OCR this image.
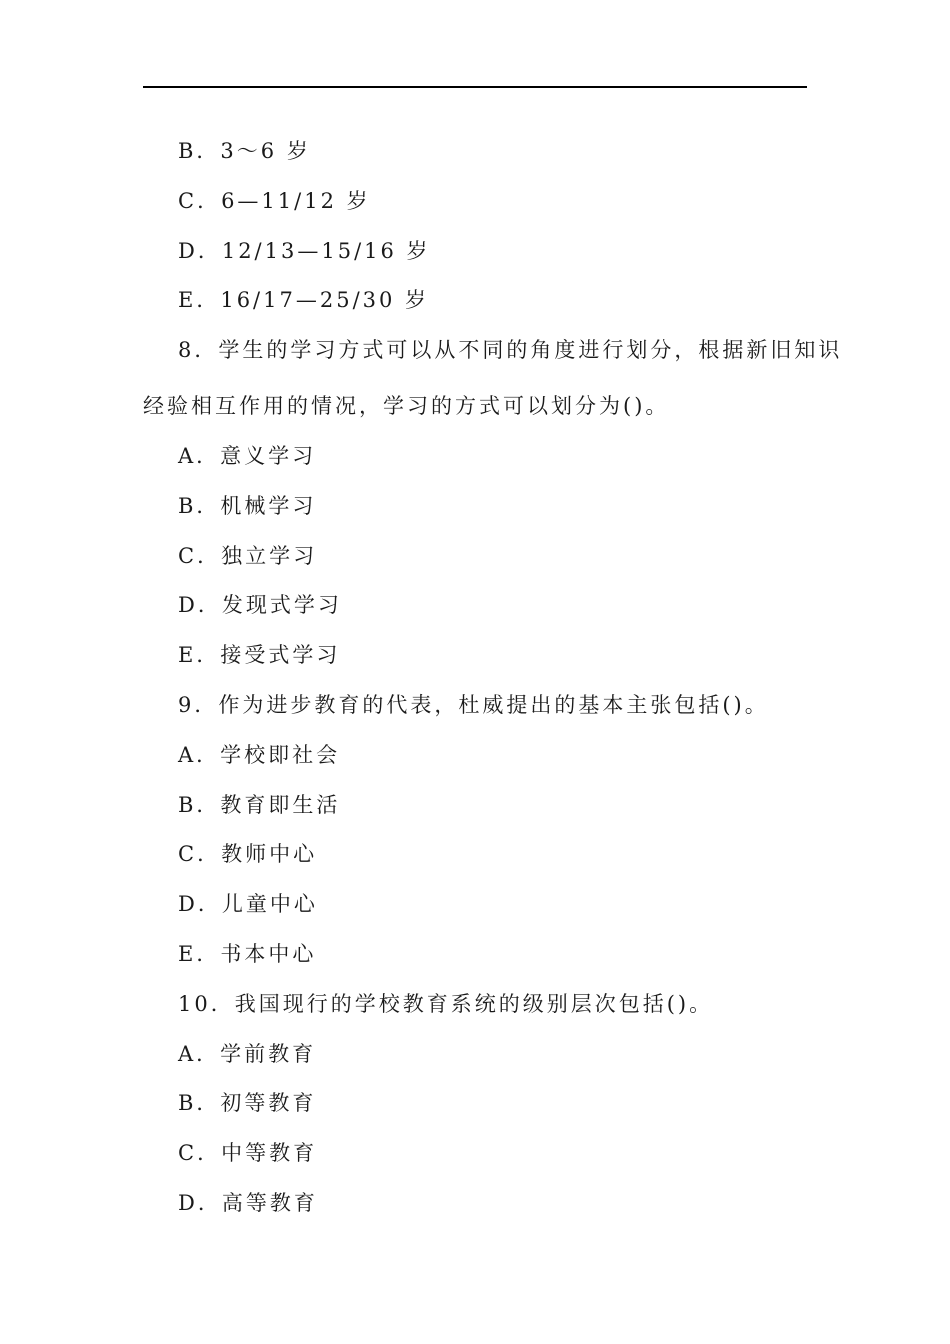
B．3～6 岁
C．6—11/12 岁
D．12/13—15/16 岁
E．16/17—25/30 岁
8．学生的学习方式可以从不同的角度进行划分，根据新旧知识
经验相互作用的情况，学习的方式可以划分为()。
A．意义学习
B．机械学习
C．独立学习
D．发现式学习
E．接受式学习
9．作为进步教育的代表，杜威提出的基本主张包括()。
A．学校即社会
B．教育即生活
C．教师中心
D．儿童中心
E．书本中心
10．我国现行的学校教育系统的级别层次包括()。
A．学前教育
B．初等教育
C．中等教育
D．高等教育
